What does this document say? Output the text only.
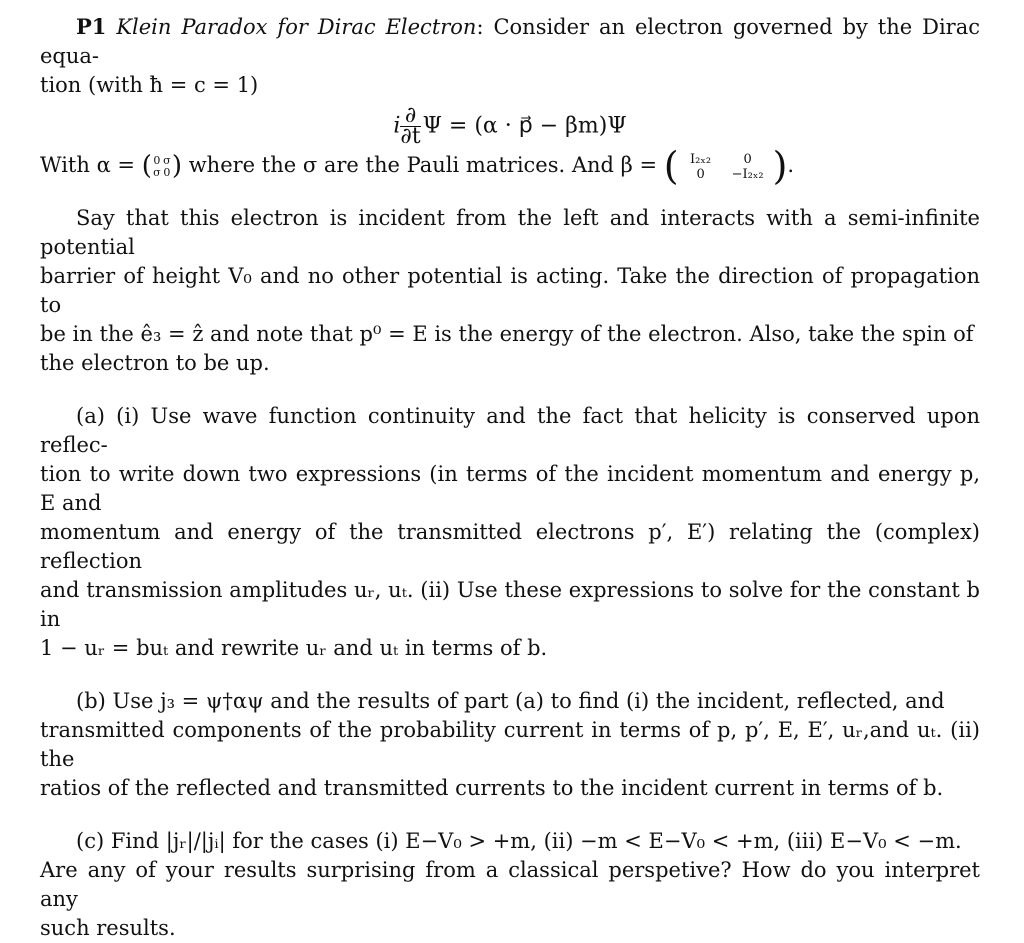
P1 Klein Paradox for Dirac Electron: Consider an electron governed by the Dirac equa-
tion (with ħ = c = 1)

i $\frac{\partial}{\partial t}$ Ψ = (α · p⃗ − βm)Ψ

With α = ( 0 σ
σ 0) where the σ are the Pauli matrices. And β = ( I₂ₓ₂ 0
0 −I₂ₓ₂ ).

Say that this electron is incident from the left and interacts with a semi-infinite potential
barrier of height V₀ and no other potential is acting. Take the direction of propagation to
be in the ê₃ = ẑ and note that p⁰ = E is the energy of the electron. Also, take the spin of
the electron to be up.

(a) (i) Use wave function continuity and the fact that helicity is conserved upon reflec-
tion to write down two expressions (in terms of the incident momentum and energy p, E and
momentum and energy of the transmitted electrons p′, E′) relating the (complex) reflection
and transmission amplitudes uᵣ, uₜ. (ii) Use these expressions to solve for the constant b in
1 − uᵣ = buₜ and rewrite uᵣ and uₜ in terms of b.

(b) Use j₃ = ψ†αψ and the results of part (a) to find (i) the incident, reflected, and
transmitted components of the probability current in terms of p, p′, E, E′, uᵣ,and uₜ. (ii) the
ratios of the reflected and transmitted currents to the incident current in terms of b.

(c) Find |jᵣ|/|jᵢ| for the cases (i) E−V₀ > +m, (ii) −m < E−V₀ < +m, (iii) E−V₀ < −m.
Are any of your results surprising from a classical perspetive? How do you interpret any
such results.
